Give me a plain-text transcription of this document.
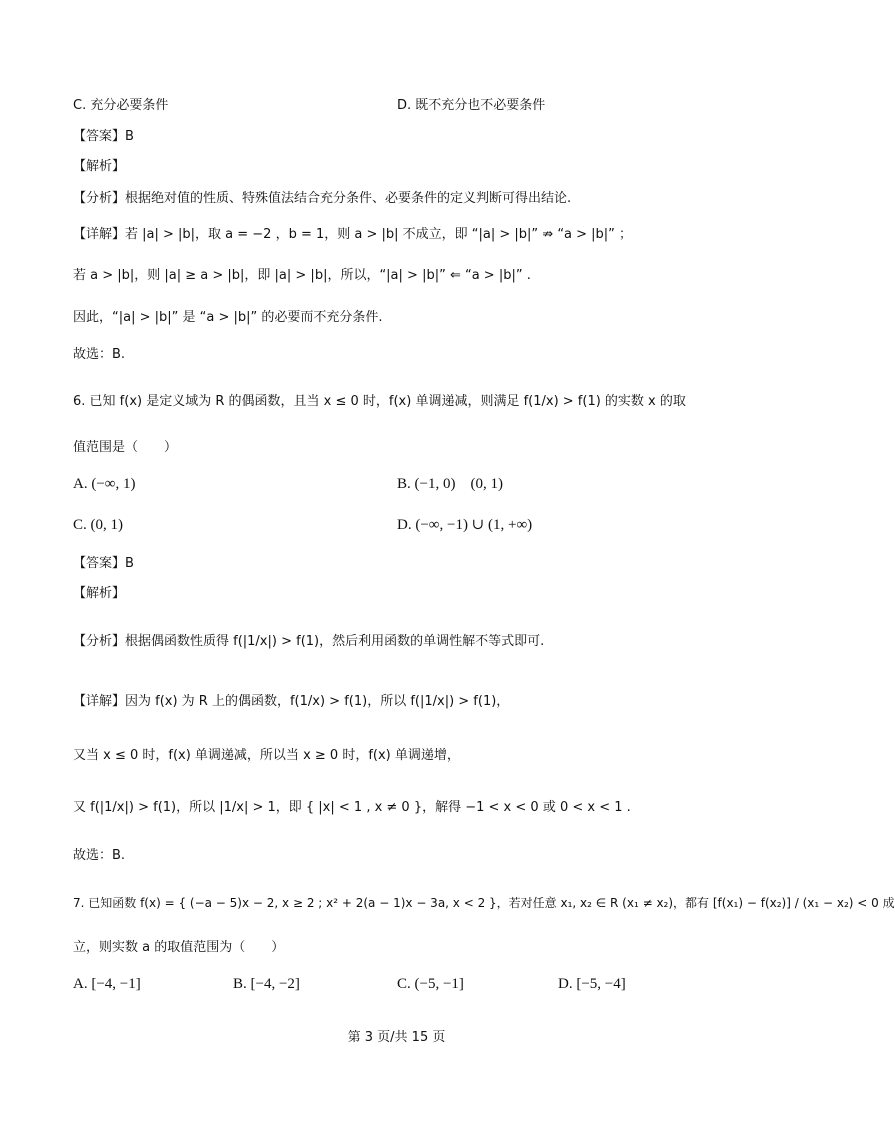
C. 充分必要条件	D. 既不充分也不必要条件
【答案】B
【解析】
【分析】根据绝对值的性质、特殊值法结合充分条件、必要条件的定义判断可得出结论.
【详解】若 |a| > |b|，取 a = −2 ，b = 1，则 a > |b| 不成立，即 “|a| > |b|” ⇏ “a > |b|” ；
若 a > |b|，则 |a| ≥ a > |b|，即 |a| > |b|，所以，“|a| > |b|” ⇐ “a > |b|” .
因此，“|a| > |b|” 是 “a > |b|” 的必要而不充分条件.
故选：B.
6. 已知 f(x) 是定义域为 R 的偶函数，且当 x ≤ 0 时，f(x) 单调递减，则满足 f(1/x) > f(1) 的实数 x 的取
值范围是（　　）
A. (−∞, 1)	B. (−1, 0)　(0, 1)
C. (0, 1)	D. (−∞, −1) ∪ (1, +∞)
【答案】B
【解析】
【分析】根据偶函数性质得 f(|1/x|) > f(1)，然后利用函数的单调性解不等式即可.
【详解】因为 f(x) 为 R 上的偶函数，f(1/x) > f(1)，所以 f(|1/x|) > f(1)，
又当 x ≤ 0 时，f(x) 单调递减，所以当 x ≥ 0 时，f(x) 单调递增，
又 f(|1/x|) > f(1)，所以 |1/x| > 1，即 { |x| < 1 , x ≠ 0 }，解得 −1 < x < 0 或 0 < x < 1 .
故选：B.
7. 已知函数 f(x) = { (−a − 5)x − 2, x ≥ 2 ; x² + 2(a − 1)x − 3a, x < 2 }，若对任意 x₁, x₂ ∈ R (x₁ ≠ x₂)，都有 [f(x₁) − f(x₂)] / (x₁ − x₂) < 0 成
立，则实数 a 的取值范围为（　　）
A. [−4, −1]	B. [−4, −2]	C. (−5, −1]	D. [−5, −4]
第 3 页/共 15 页
